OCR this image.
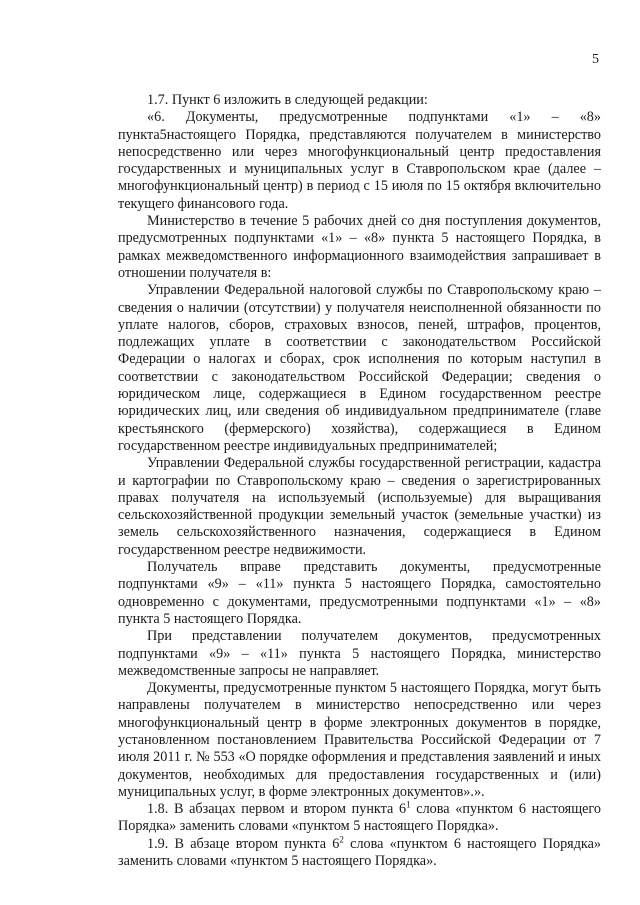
5

1.7. Пункт 6 изложить в следующей редакции:

«6. Документы, предусмотренные подпунктами «1» – «8» пункта5настоящего Порядка, представляются получателем в министерство непосредственно или через многофункциональный центр предоставления государственных и муниципальных услуг в Ставропольском крае (далее – многофункциональный центр) в период с 15 июля по 15 октября включительно текущего финансового года.

Министерство в течение 5 рабочих дней со дня поступления документов, предусмотренных подпунктами «1» – «8» пункта 5 настоящего Порядка, в рамках межведомственного информационного взаимодействия запрашивает в отношении получателя в:

Управлении Федеральной налоговой службы по Ставропольскому краю – сведения о наличии (отсутствии) у получателя неисполненной обязанности по уплате налогов, сборов, страховых взносов, пеней, штрафов, процентов, подлежащих уплате в соответствии с законодательством Российской Федерации о налогах и сборах, срок исполнения по которым наступил в соответствии с законодательством Российской Федерации; сведения о юридическом лице, содержащиеся в Едином государственном реестре юридических лиц, или сведения об индивидуальном предпринимателе (главе крестьянского (фермерского) хозяйства), содержащиеся в Едином государственном реестре индивидуальных предпринимателей;

Управлении Федеральной службы государственной регистрации, кадастра и картографии по Ставропольскому краю – сведения о зарегистрированных правах получателя на используемый (используемые) для выращивания сельскохозяйственной продукции земельный участок (земельные участки) из земель сельскохозяйственного назначения, содержащиеся в Едином государственном реестре недвижимости.

Получатель вправе представить документы, предусмотренные подпунктами «9» – «11» пункта 5 настоящего Порядка, самостоятельно одновременно с документами, предусмотренными подпунктами «1» – «8» пункта 5 настоящего Порядка.

При представлении получателем документов, предусмотренных подпунктами «9» – «11» пункта 5 настоящего Порядка, министерство межведомственные запросы не направляет.

Документы, предусмотренные пунктом 5 настоящего Порядка, могут быть направлены получателем в министерство непосредственно или через многофункциональный центр в форме электронных документов в порядке, установленном постановлением Правительства Российской Федерации от 7 июля 2011 г. № 553 «О порядке оформления и представления заявлений и иных документов, необходимых для предоставления государственных и (или) муниципальных услуг, в форме электронных документов».».

1.8. В абзацах первом и втором пункта $6^1$ слова «пунктом 6 настоящего Порядка» заменить словами «пунктом 5 настоящего Порядка».

1.9. В абзаце втором пункта $6^2$ слова «пунктом 6 настоящего Порядка» заменить словами «пунктом 5 настоящего Порядка».
